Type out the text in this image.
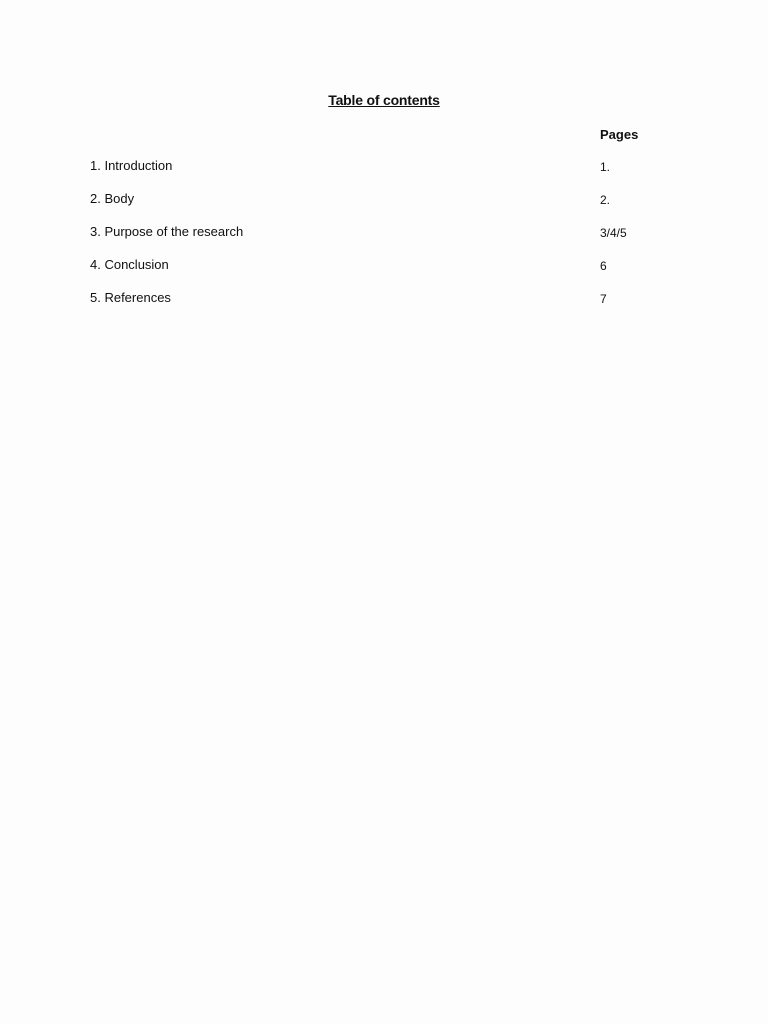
Table of contents
Pages
1. Introduction	1.
2. Body	2.
3. Purpose of the research	3/4/5
4. Conclusion	6
5. References	7
